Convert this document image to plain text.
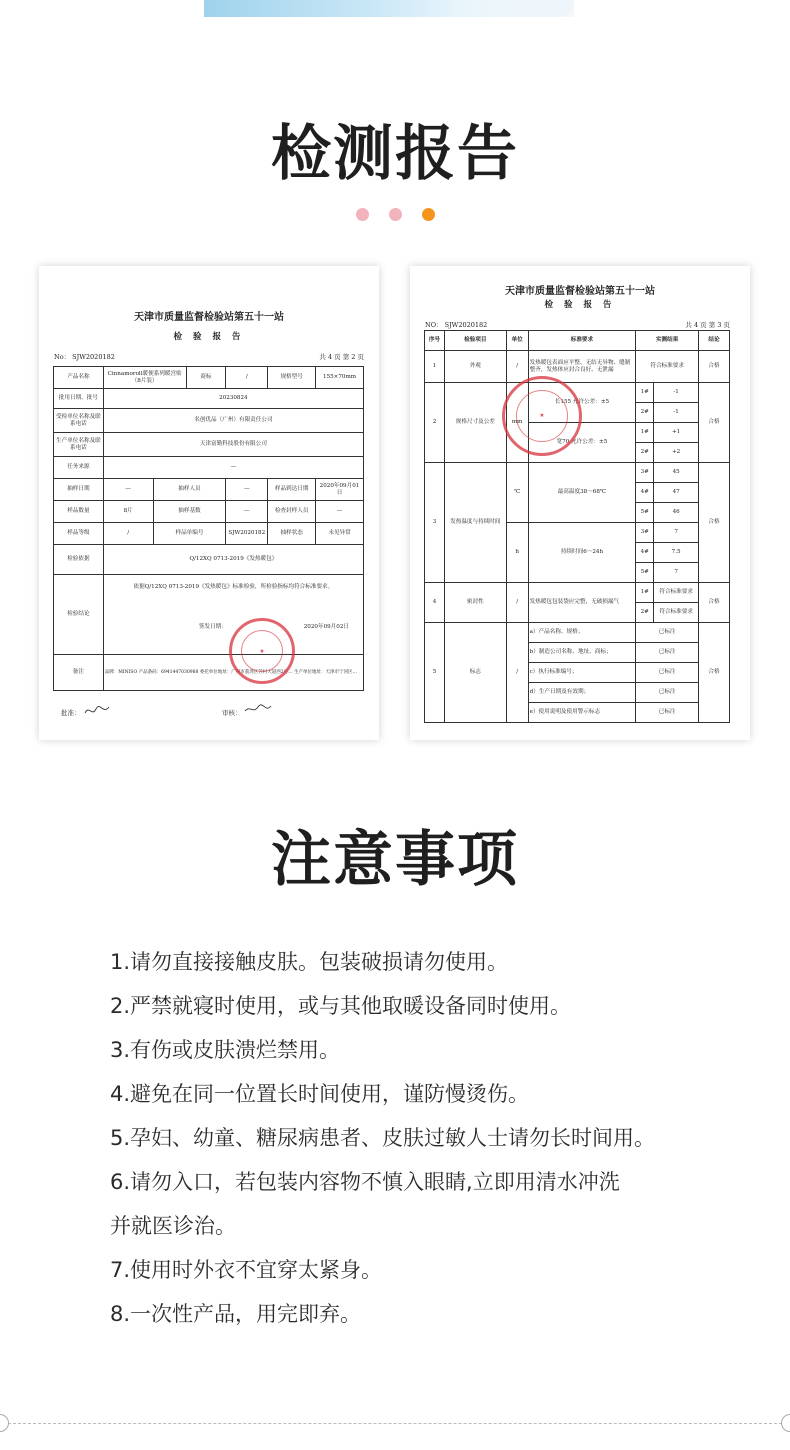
检测报告
天津市质量监督检验站第五十一站
检 验 报 告
No： SJW2020182	共 4 页 第 2 页
产品名称	Cinnamoroll暖便系列暖宫贴（8片装）		商标	/	规格型号	155×70mm
批用日期、批号	20230824					
受检单位名称及联系电话	名创优品（广州）有限责任公司					
生产单位名称及联系电话	天津富勤科技股份有限公司					
任务来源	—					
抽样日期	—	抽样人员		—	样品到达日期	2020年09月01日
样品数量	8片	抽样基数		—	检查封样人员	—
样品等级	/	样品单编号		SJW2020182	抽样状态	未见异常
检验依据	Q/12XQ 0713-2019《发热暖包》					
检验结论	依据Q/12XQ 0713-2019《发热暖包》标准检验，所检验指标均符合标准要求。
签发日期： 2020年09月02日					

备注	品牌：MINISO 产品条码：6941447030988 委托单位地址：广州市荔湾区芳村大道西2号… 生产单位地址：天津市宁河区…					
★
批准：	审核：
天津市质量监督检验站第五十一站
检 验 报 告
NO： SJW2020182	共 4 页 第 3 页
序号	检验项目	单位	标准要求	实测结果		结论
1	外观	/	发热暖包表面应平整、无结无异物、缝制整齐，发热体应封合良好、无泄漏	符合标准要求		合格
2	规格尺寸及公差	mm	长155 允许公差：±5	1#	-1	合格
				2#	-1	
			宽70 允许公差：±5	1#	+1	
				2#	+2	
3	发热温度与持续时间	℃	最高温度38～68℃	3#	45	合格
				4#	47	
				5#	46	
		h	持续时间6～24h	3#	7	
				4#	7.5	
				5#	7	
4	密封性	/	发热暖包包装袋应完整，无破损漏气	1#	符合标准要求	合格
				2#	符合标准要求	
5	标志	/	a）产品名称、规格；	已标注		合格
			b）制造公司名称、地址、商标；	已标注		
			c）执行标准编号；	已标注		
			d）生产日期及有效期；	已标注		
			e）使用说明及使用警示标志	已标注		
★
注意事项
1.请勿直接接触皮肤。包装破损请勿使用。
2.严禁就寝时使用，或与其他取暖设备同时使用。
3.有伤或皮肤溃烂禁用。
4.避免在同一位置长时间使用，谨防慢烫伤。
5.孕妇、幼童、糖尿病患者、皮肤过敏人士请勿长时间用。
6.请勿入口，若包装内容物不慎入眼睛,立即用清水冲洗
并就医诊治。
7.使用时外衣不宜穿太紧身。
8.一次性产品，用完即弃。
